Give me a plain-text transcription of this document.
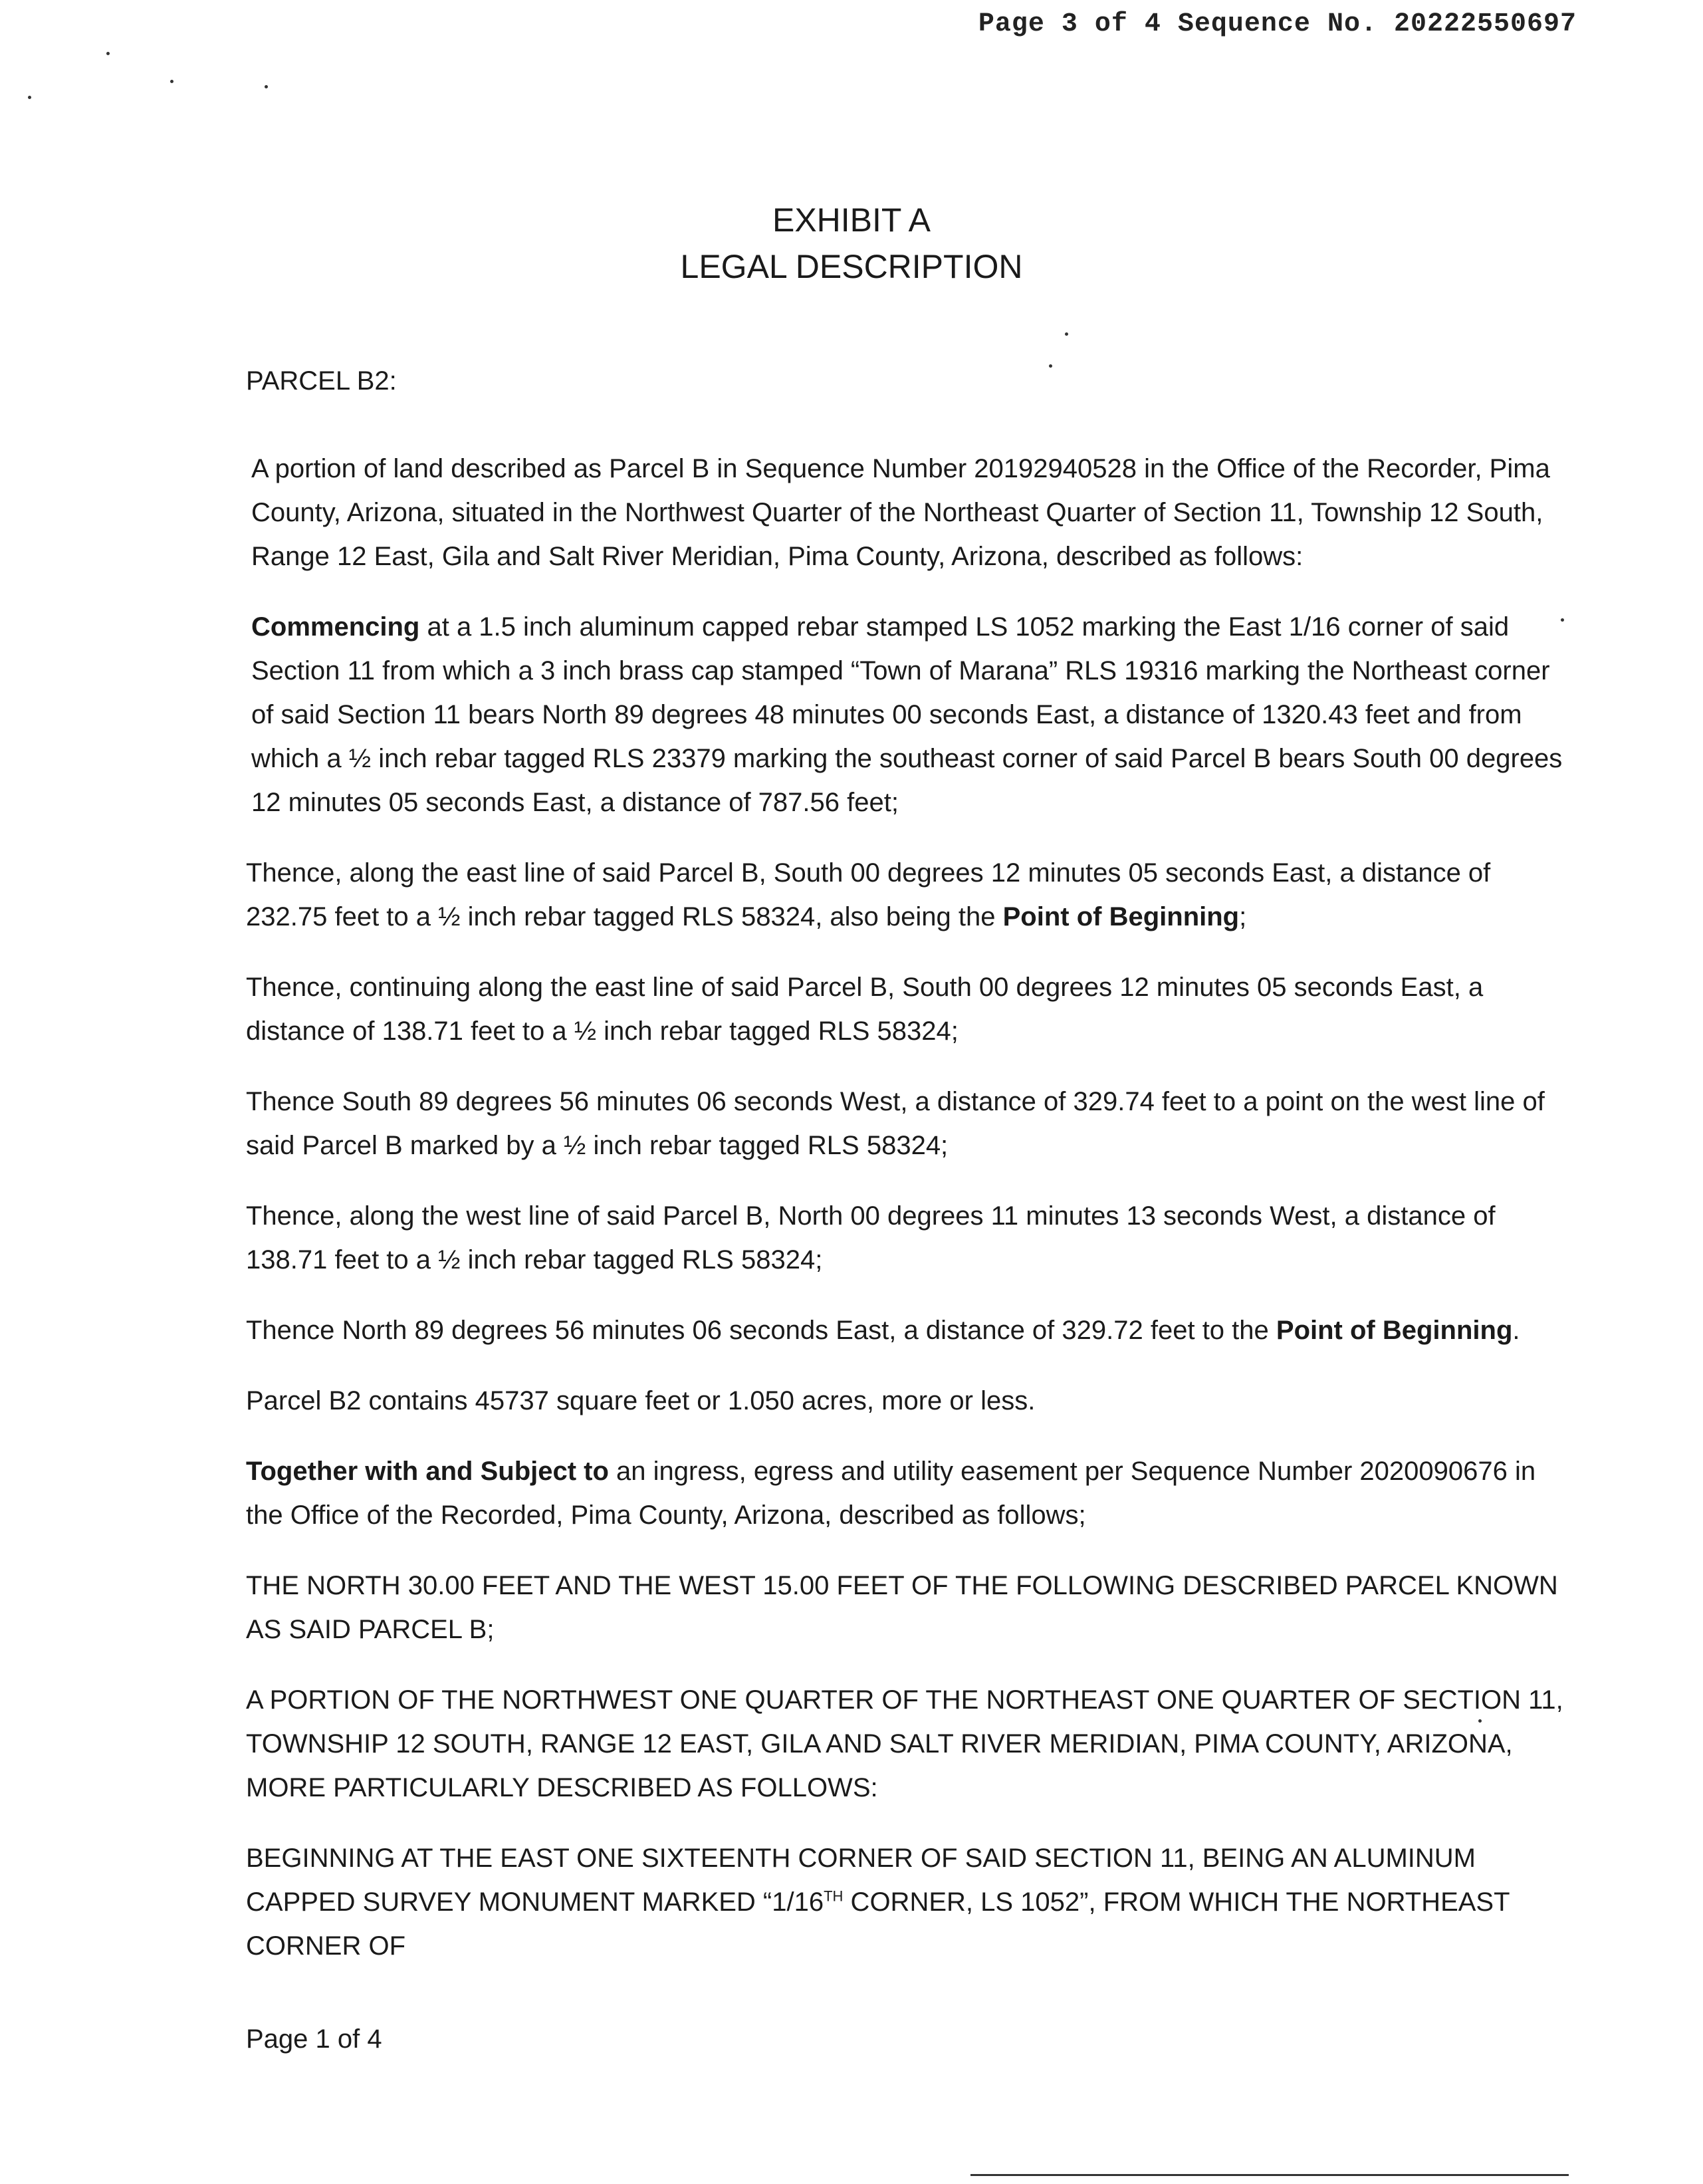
Page 3 of 4 Sequence No. 20222550697
EXHIBIT A
LEGAL DESCRIPTION

PARCEL B2:

A portion of land described as Parcel B in Sequence Number 20192940528 in the Office of the Recorder, Pima County, Arizona, situated in the Northwest Quarter of the Northeast Quarter of Section 11, Township 12 South, Range 12 East, Gila and Salt River Meridian, Pima County, Arizona, described as follows:

Commencing at a 1.5 inch aluminum capped rebar stamped LS 1052 marking the East 1/16 corner of said Section 11 from which a 3 inch brass cap stamped “Town of Marana” RLS 19316 marking the Northeast corner of said Section 11 bears North 89 degrees 48 minutes 00 seconds East, a distance of 1320.43 feet and from which a ½ inch rebar tagged RLS 23379 marking the southeast corner of said Parcel B bears South 00 degrees 12 minutes 05 seconds East, a distance of 787.56 feet;

Thence, along the east line of said Parcel B, South 00 degrees 12 minutes 05 seconds East, a distance of 232.75 feet to a ½ inch rebar tagged RLS 58324, also being the Point of Beginning;

Thence, continuing along the east line of said Parcel B, South 00 degrees 12 minutes 05 seconds East, a distance of 138.71 feet to a ½ inch rebar tagged RLS 58324;

Thence South 89 degrees 56 minutes 06 seconds West, a distance of 329.74 feet to a point on the west line of said Parcel B marked by a ½ inch rebar tagged RLS 58324;

Thence, along the west line of said Parcel B, North 00 degrees 11 minutes 13 seconds West, a distance of 138.71 feet to a ½ inch rebar tagged RLS 58324;

Thence North 89 degrees 56 minutes 06 seconds East, a distance of 329.72 feet to the Point of Beginning.

Parcel B2 contains 45737 square feet or 1.050 acres, more or less.

Together with and Subject to an ingress, egress and utility easement per Sequence Number 2020090676 in the Office of the Recorded, Pima County, Arizona, described as follows;

THE NORTH 30.00 FEET AND THE WEST 15.00 FEET OF THE FOLLOWING DESCRIBED PARCEL KNOWN AS SAID PARCEL B;

A PORTION OF THE NORTHWEST ONE QUARTER OF THE NORTHEAST ONE QUARTER OF SECTION 11, TOWNSHIP 12 SOUTH, RANGE 12 EAST, GILA AND SALT RIVER MERIDIAN, PIMA COUNTY, ARIZONA, MORE PARTICULARLY DESCRIBED AS FOLLOWS:

BEGINNING AT THE EAST ONE SIXTEENTH CORNER OF SAID SECTION 11, BEING AN ALUMINUM CAPPED SURVEY MONUMENT MARKED “1/16TH CORNER, LS 1052”, FROM WHICH THE NORTHEAST CORNER OF

Page 1 of 4
